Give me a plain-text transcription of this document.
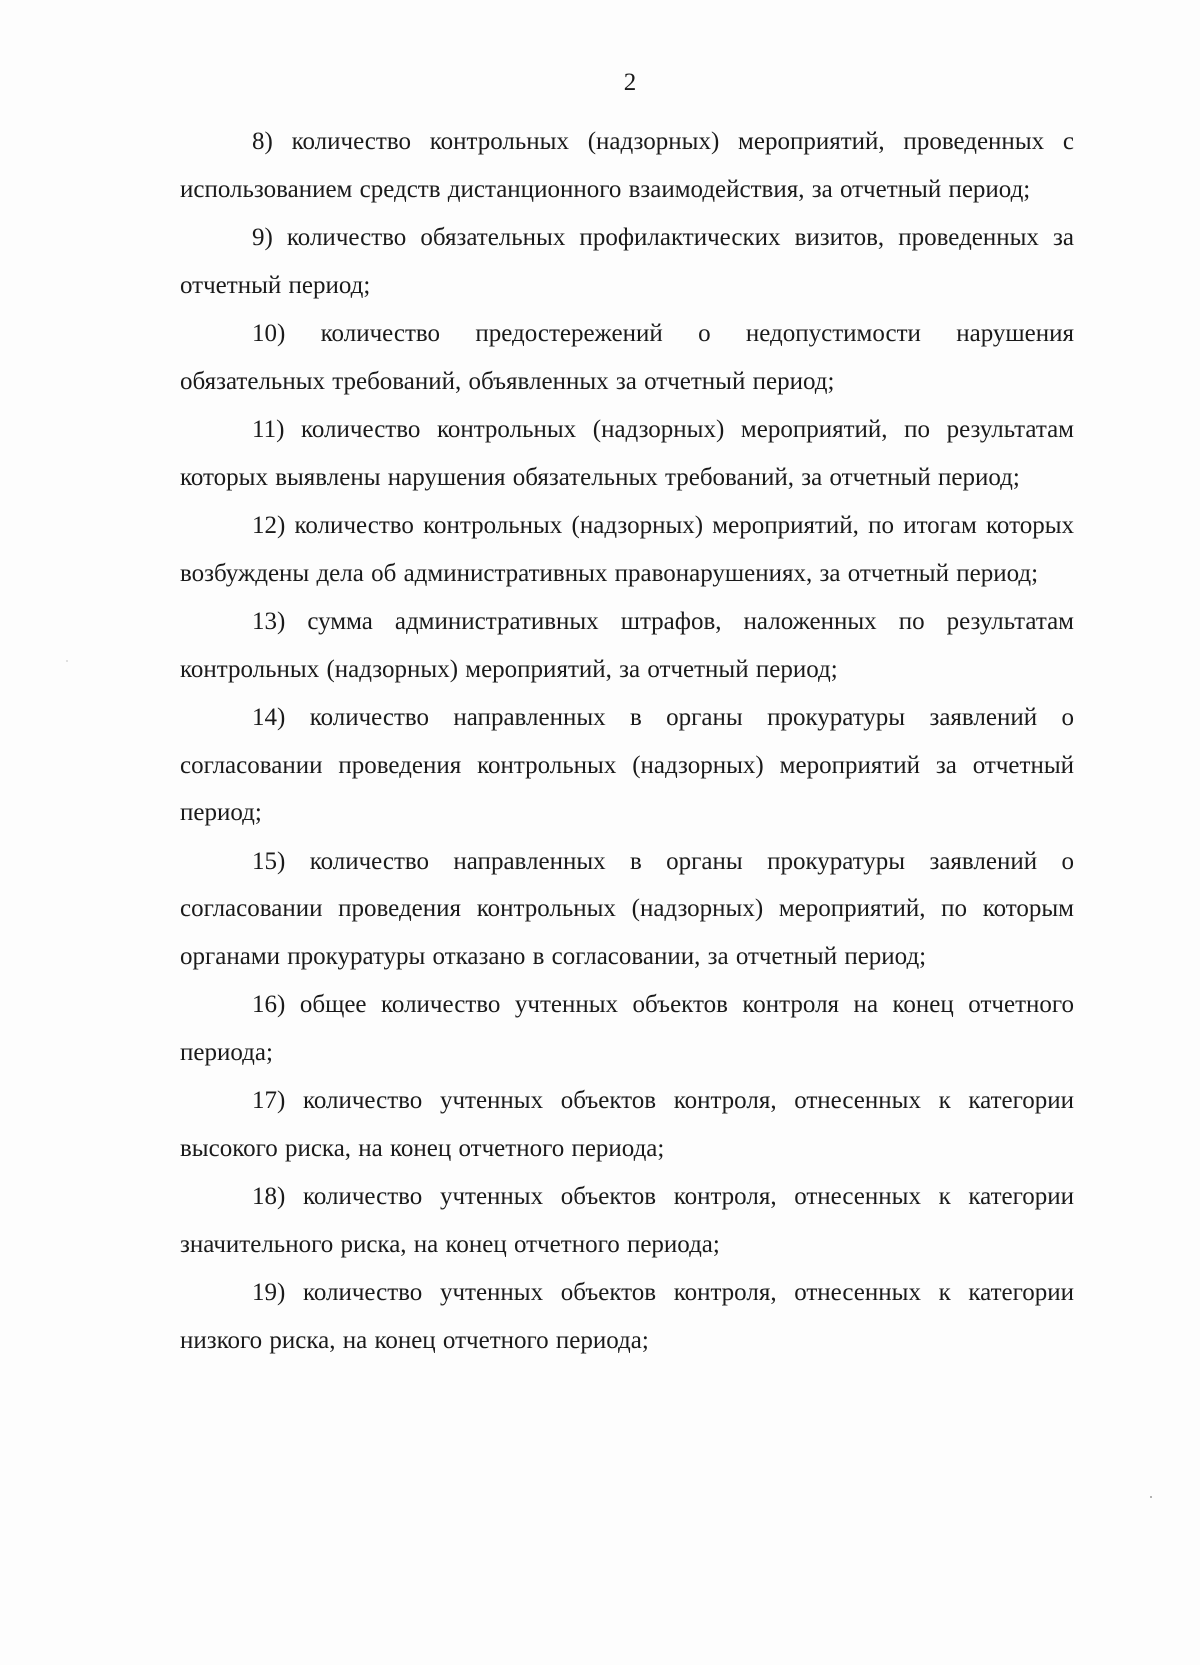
2

8) количество контрольных (надзорных) мероприятий, проведенных с использованием средств дистанционного взаимодействия, за отчетный период;

9) количество обязательных профилактических визитов, проведенных за отчетный период;

10) количество предостережений о недопустимости нарушения обязательных требований, объявленных за отчетный период;

11) количество контрольных (надзорных) мероприятий, по результатам которых выявлены нарушения обязательных требований, за отчетный период;

12) количество контрольных (надзорных) мероприятий, по итогам которых возбуждены дела об административных правонарушениях, за отчетный период;

13) сумма административных штрафов, наложенных по результатам контрольных (надзорных) мероприятий, за отчетный период;

14) количество направленных в органы прокуратуры заявлений о согласовании проведения контрольных (надзорных) мероприятий за отчетный период;

15) количество направленных в органы прокуратуры заявлений о согласовании проведения контрольных (надзорных) мероприятий, по которым органами прокуратуры отказано в согласовании, за отчетный период;

16) общее количество учтенных объектов контроля на конец отчетного периода;

17) количество учтенных объектов контроля, отнесенных к категории высокого риска, на конец отчетного периода;

18) количество учтенных объектов контроля, отнесенных к категории значительного риска, на конец отчетного периода;

19) количество учтенных объектов контроля, отнесенных к категории низкого риска, на конец отчетного периода;
